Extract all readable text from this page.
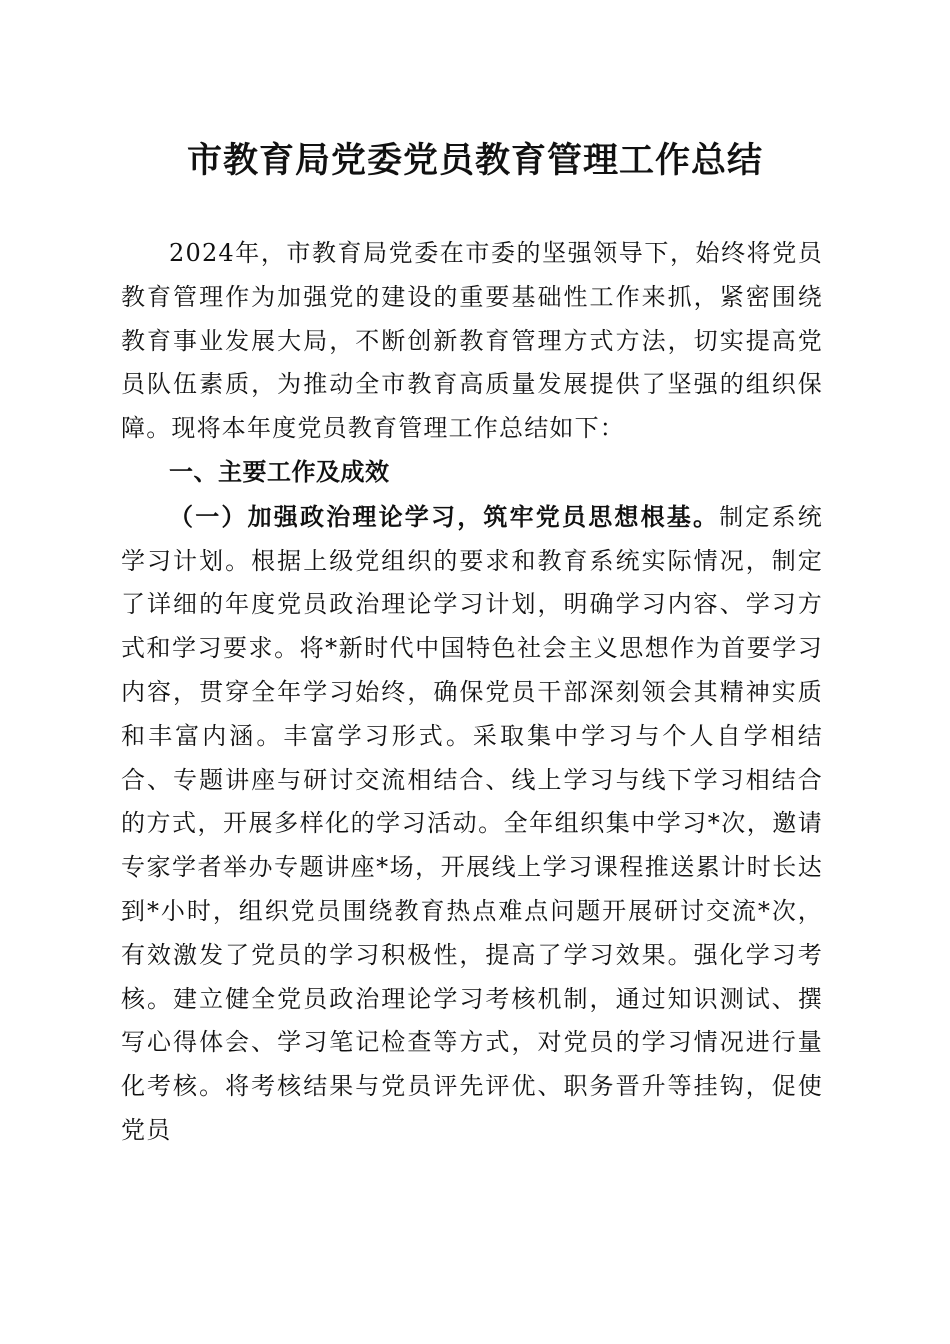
市教育局党委党员教育管理工作总结

2024年，市教育局党委在市委的坚强领导下，始终将党员教育管理作为加强党的建设的重要基础性工作来抓，紧密围绕教育事业发展大局，不断创新教育管理方式方法，切实提高党员队伍素质，为推动全市教育高质量发展提供了坚强的组织保障。现将本年度党员教育管理工作总结如下：

一、主要工作及成效

（一）加强政治理论学习，筑牢党员思想根基。制定系统学习计划。根据上级党组织的要求和教育系统实际情况，制定了详细的年度党员政治理论学习计划，明确学习内容、学习方式和学习要求。将*新时代中国特色社会主义思想作为首要学习内容，贯穿全年学习始终，确保党员干部深刻领会其精神实质和丰富内涵。丰富学习形式。采取集中学习与个人自学相结合、专题讲座与研讨交流相结合、线上学习与线下学习相结合的方式，开展多样化的学习活动。全年组织集中学习*次，邀请专家学者举办专题讲座*场，开展线上学习课程推送累计时长达到*小时，组织党员围绕教育热点难点问题开展研讨交流*次，有效激发了党员的学习积极性，提高了学习效果。强化学习考核。建立健全党员政治理论学习考核机制，通过知识测试、撰写心得体会、学习笔记检查等方式，对党员的学习情况进行量化考核。将考核结果与党员评先评优、职务晋升等挂钩，促使党员
